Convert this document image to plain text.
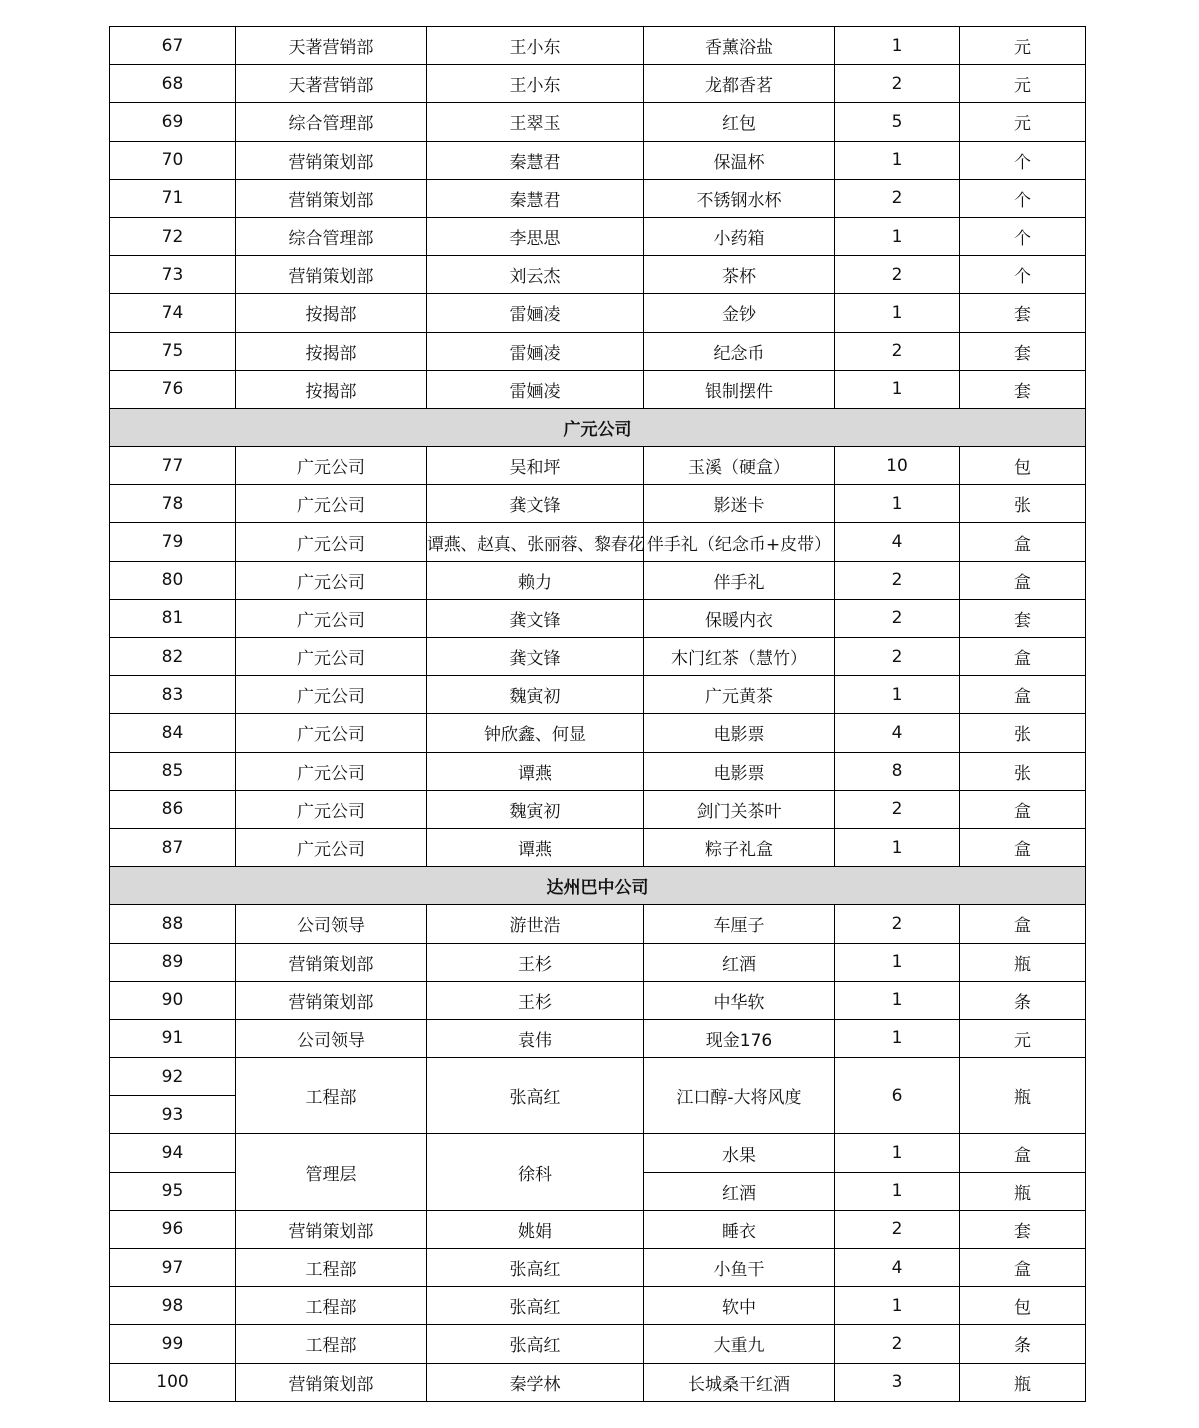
67	天著营销部	王小东	香薰浴盐	1	元
68	天著营销部	王小东	龙都香茗	2	元
69	综合管理部	王翠玉	红包	5	元
70	营销策划部	秦慧君	保温杯	1	个
71	营销策划部	秦慧君	不锈钢水杯	2	个
72	综合管理部	李思思	小药箱	1	个
73	营销策划部	刘云杰	茶杯	2	个
74	按揭部	雷婳凌	金钞	1	套
75	按揭部	雷婳凌	纪念币	2	套
76	按揭部	雷婳凌	银制摆件	1	套
广元公司					
77	广元公司	吴和坪	玉溪（硬盒）	10	包
78	广元公司	龚文锋	影迷卡	1	张
79	广元公司	谭燕、赵真、张丽蓉、黎春花	伴手礼（纪念币+皮带）	4	盒
80	广元公司	赖力	伴手礼	2	盒
81	广元公司	龚文锋	保暖内衣	2	套
82	广元公司	龚文锋	木门红茶（慧竹）	2	盒
83	广元公司	魏寅初	广元黄茶	1	盒
84	广元公司	钟欣鑫、何显	电影票	4	张
85	广元公司	谭燕	电影票	8	张
86	广元公司	魏寅初	剑门关茶叶	2	盒
87	广元公司	谭燕	粽子礼盒	1	盒
达州巴中公司					
88	公司领导	游世浩	车厘子	2	盒
89	营销策划部	王杉	红酒	1	瓶
90	营销策划部	王杉	中华软	1	条
91	公司领导	袁伟	现金176	1	元
92	工程部	张高红	江口醇-大将风度	6	瓶
93					
94	管理层	徐科	水果	1	盒
95			红酒	1	瓶
96	营销策划部	姚娟	睡衣	2	套
97	工程部	张高红	小鱼干	4	盒
98	工程部	张高红	软中	1	包
99	工程部	张高红	大重九	2	条
100	营销策划部	秦学林	长城桑干红酒	3	瓶
